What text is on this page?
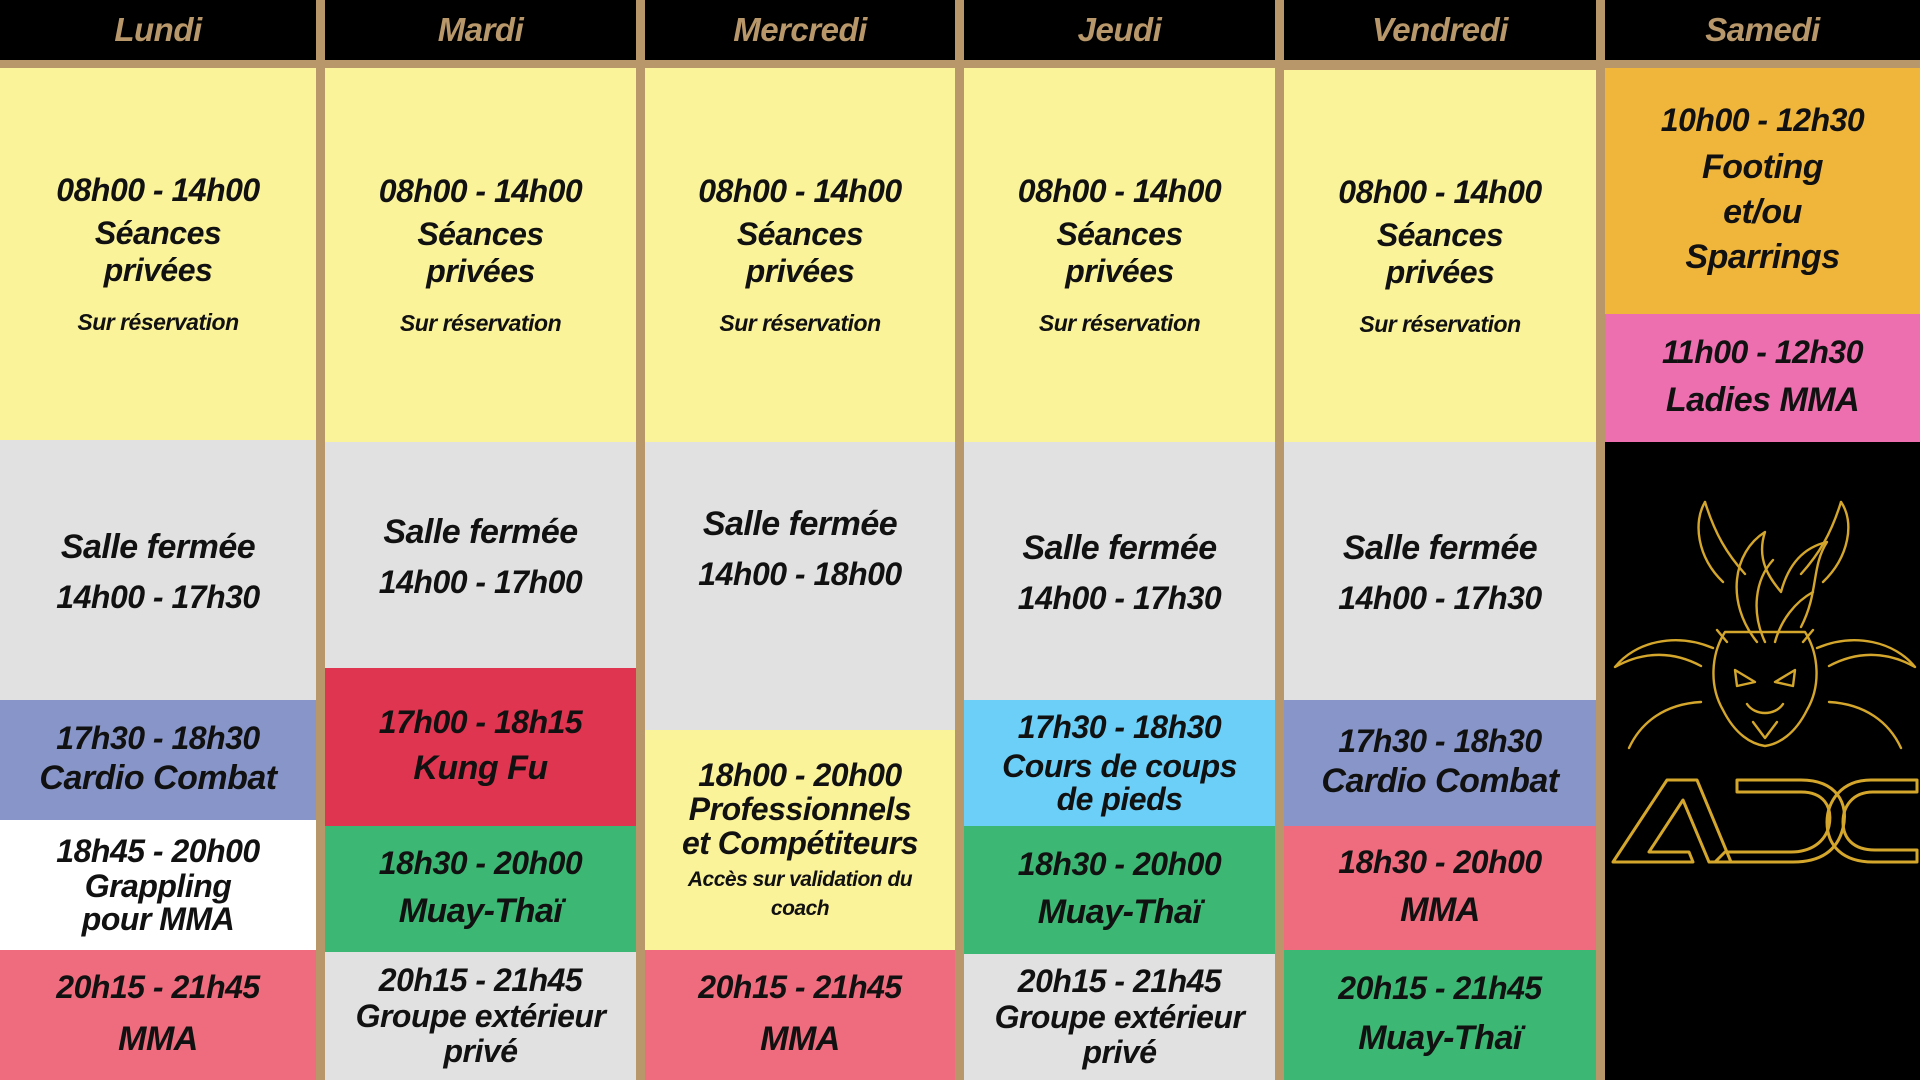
Lundi
08h00 - 14h00
Séances privées
Sur réservation
Salle fermée
14h00 - 17h30
17h30 - 18h30
Cardio Combat
18h45 - 20h00
Grappling pour MMA
20h15 - 21h45
MMA
Mardi
08h00 - 14h00
Séances privées
Sur réservation
Salle fermée
14h00 - 17h00
17h00 - 18h15
Kung Fu
18h30 - 20h00
Muay-Thaï
20h15 - 21h45
Groupe extérieur privé
Mercredi
08h00 - 14h00
Séances privées
Sur réservation
Salle fermée
14h00 - 18h00
18h00 - 20h00
Professionnels et Compétiteurs
Accès sur validation du coach
20h15 - 21h45
MMA
Jeudi
08h00 - 14h00
Séances privées
Sur réservation
Salle fermée
14h00 - 17h30
17h30 - 18h30
Cours de coups de pieds
18h30 - 20h00
Muay-Thaï
20h15 - 21h45
Groupe extérieur privé
Vendredi
08h00 - 14h00
Séances privées
Sur réservation
Salle fermée
14h00 - 17h30
17h30 - 18h30
Cardio Combat
18h30 - 20h00
MMA
20h15 - 21h45
Muay-Thaï
Samedi
10h00 - 12h30
Footing et/ou Sparrings
11h00 - 12h30
Ladies MMA
